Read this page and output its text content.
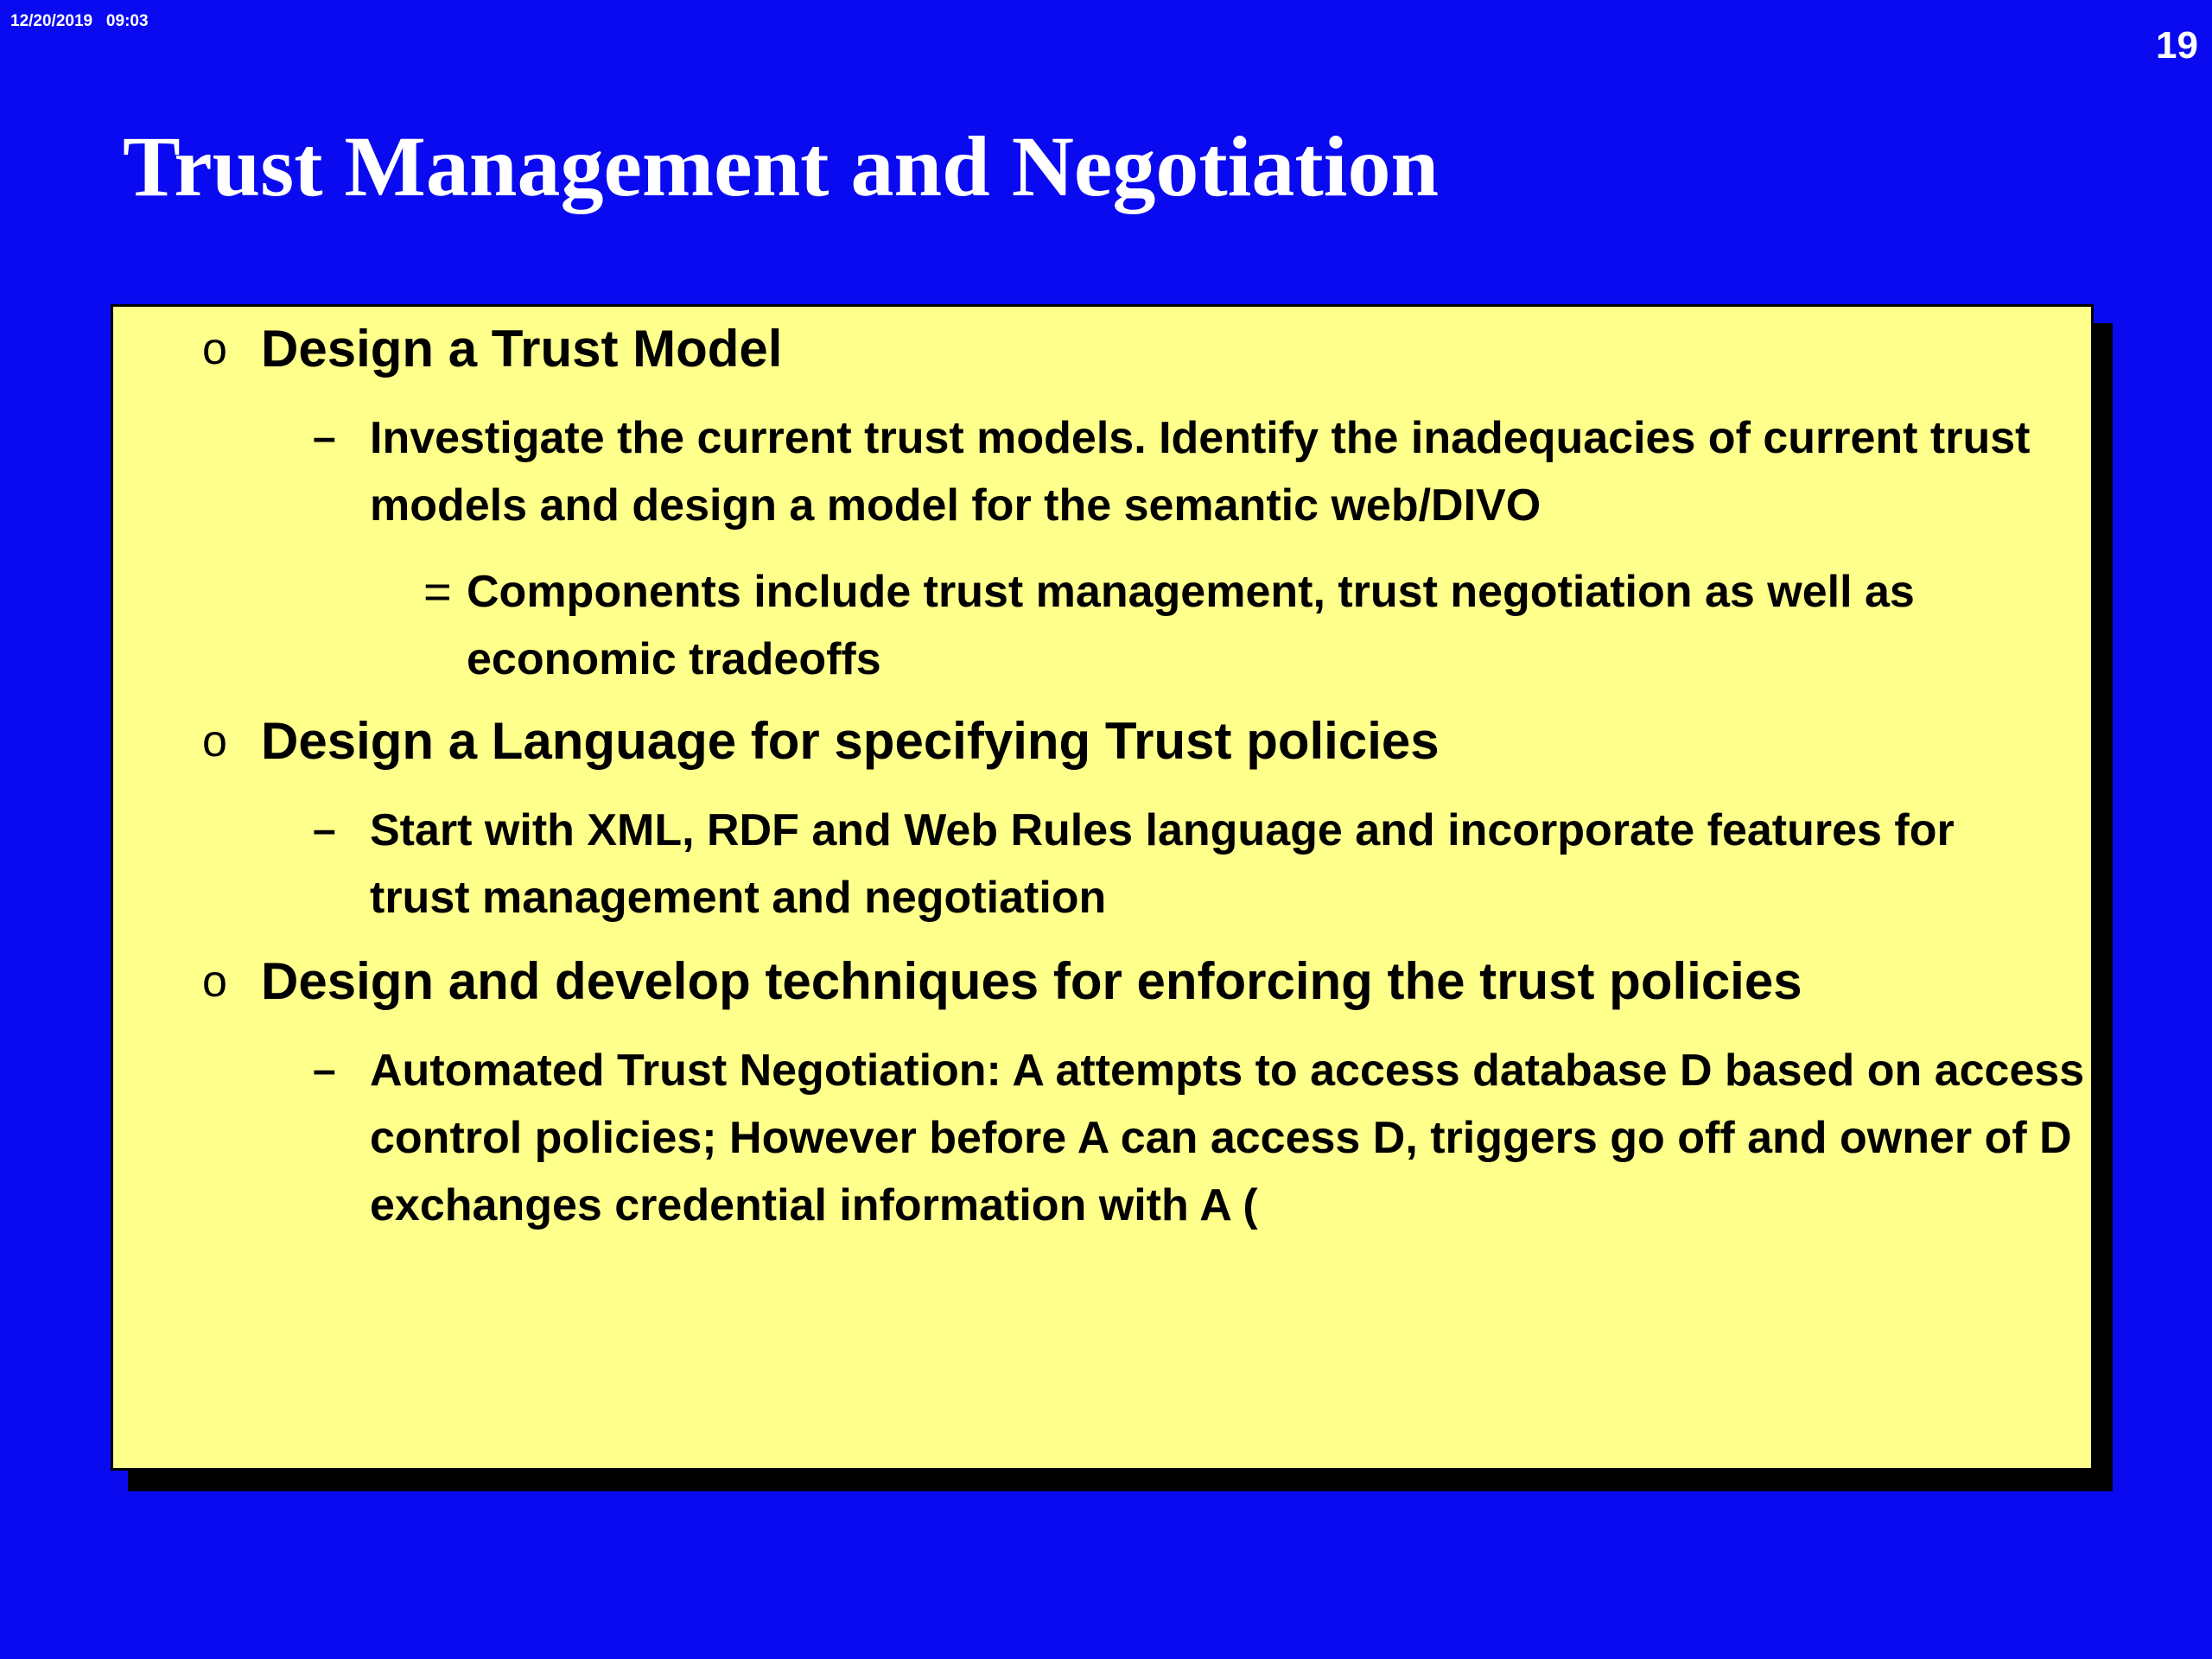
12/20/2019   09:03
19
Trust Management and Negotiation
o Design a Trust Model
– Investigate the current trust models. Identify the inadequacies of current trust models and design a model for the semantic web/DIVO
= Components include trust management, trust negotiation as well as economic tradeoffs
o Design a Language for specifying Trust policies
– Start with XML, RDF and Web Rules language and incorporate features for trust management and negotiation
o Design and develop techniques for enforcing the trust policies
– Automated Trust Negotiation: A attempts to access database D based on access control policies; However before A can access D, triggers go off and owner of D exchanges credential information with A (
